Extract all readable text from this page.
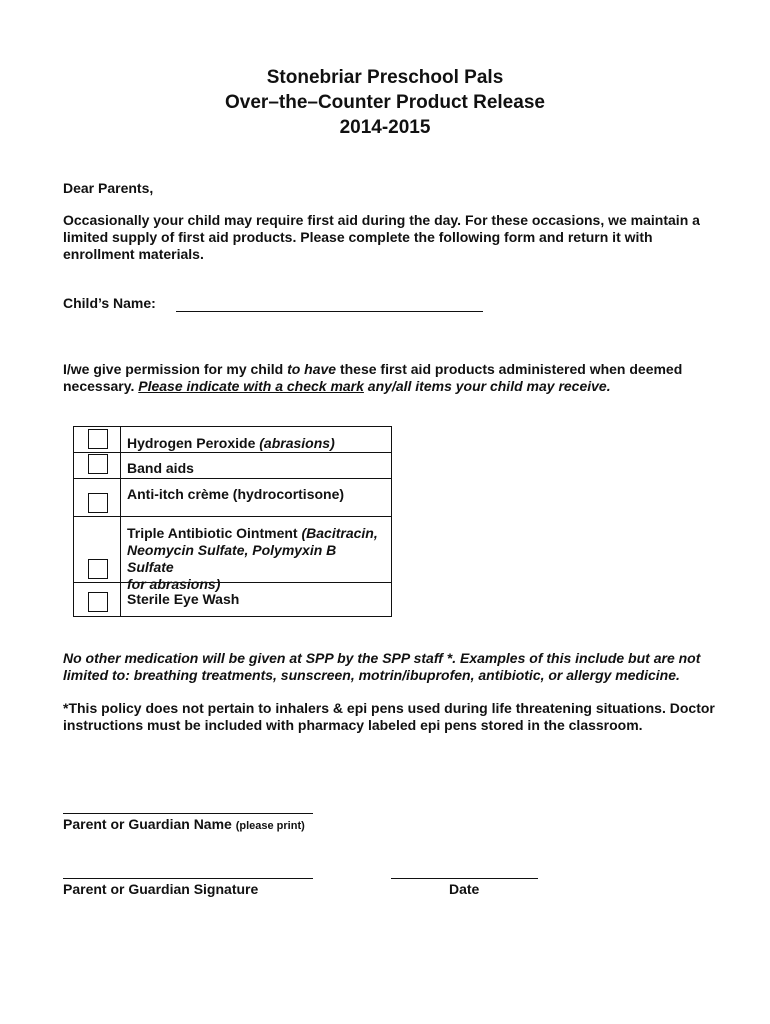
Stonebriar Preschool Pals
Over–the–Counter Product Release
2014-2015
Dear Parents,
Occasionally your child may require first aid during the day. For these occasions, we maintain a
limited supply of first aid products. Please complete the following form and return it with
enrollment materials.
Child’s Name:
I/we give permission for my child to have these first aid products administered when deemed
necessary. Please indicate with a check mark any/all items your child may receive.
Hydrogen Peroxide (abrasions)
Band aids
Anti-itch crème (hydrocortisone)
Triple Antibiotic Ointment (Bacitracin,
Neomycin Sulfate, Polymyxin B Sulfate
for abrasions)
Sterile Eye Wash
No other medication will be given at SPP by the SPP staff *. Examples of this include but are not
limited to: breathing treatments, sunscreen, motrin/ibuprofen, antibiotic, or allergy medicine.
*This policy does not pertain to inhalers & epi pens used during life threatening situations. Doctor
instructions must be included with pharmacy labeled epi pens stored in the classroom.
Parent or Guardian Name (please print)
Parent or Guardian Signature	Date
